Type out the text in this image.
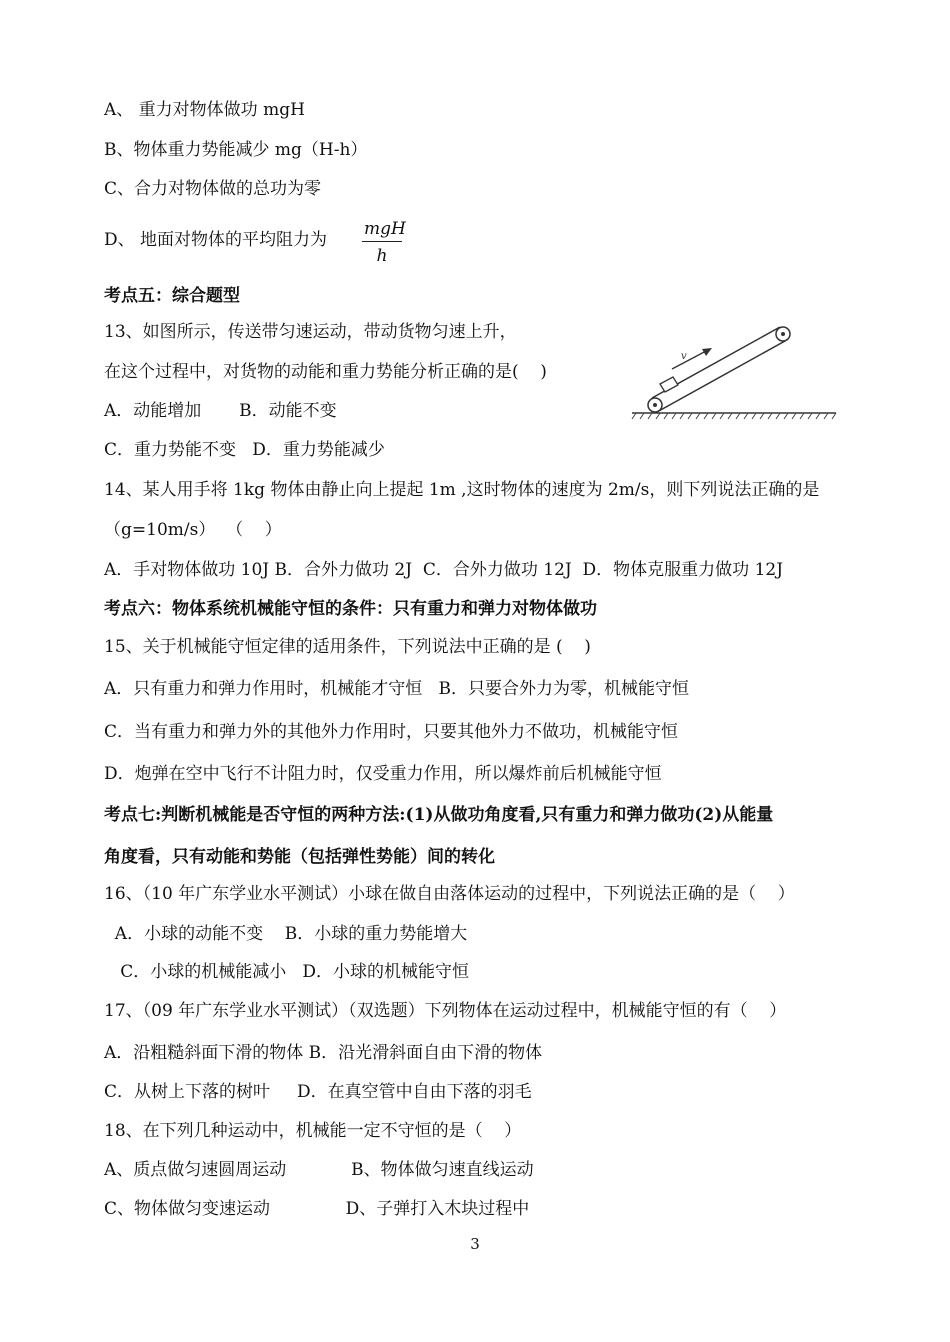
A、 重力对物体做功 mgH
B、物体重力势能减少 mg（H-h）
C、合力对物体做的总功为零
D、 地面对物体的平均阻力为
mgH
h
考点五：综合题型
13、如图所示，传送带匀速运动，带动货物匀速上升，
在这个过程中，对货物的动能和重力势能分析正确的是(    )
A．动能增加       B．动能不变
C．重力势能不变   D．重力势能减少
v
14、某人用手将 1kg 物体由静止向上提起 1m ,这时物体的速度为 2m/s，则下列说法正确的是
（g=10m/s）  （    ）
A．手对物体做功 10J B．合外力做功 2J  C．合外力做功 12J  D．物体克服重力做功 12J
考点六：物体系统机械能守恒的条件：只有重力和弹力对物体做功
15、关于机械能守恒定律的适用条件，下列说法中正确的是 (    )
A．只有重力和弹力作用时，机械能才守恒   B．只要合外力为零，机械能守恒
C．当有重力和弹力外的其他外力作用时，只要其他外力不做功，机械能守恒
D．炮弹在空中飞行不计阻力时，仅受重力作用，所以爆炸前后机械能守恒
考点七:判断机械能是否守恒的两种方法:(1)从做功角度看,只有重力和弹力做功(2)从能量
角度看，只有动能和势能（包括弹性势能）间的转化
16、（10 年广东学业水平测试）小球在做自由落体运动的过程中，下列说法正确的是（    ）
A．小球的动能不变    B．小球的重力势能增大
C．小球的机械能减小   D．小球的机械能守恒
17、（09 年广东学业水平测试）（双选题）下列物体在运动过程中，机械能守恒的有（    ）
A．沿粗糙斜面下滑的物体 B．沿光滑斜面自由下滑的物体
C．从树上下落的树叶     D．在真空管中自由下落的羽毛
18、在下列几种运动中，机械能一定不守恒的是（    ）
A、质点做匀速圆周运动            B、物体做匀速直线运动
C、物体做匀变速运动              D、子弹打入木块过程中
3
